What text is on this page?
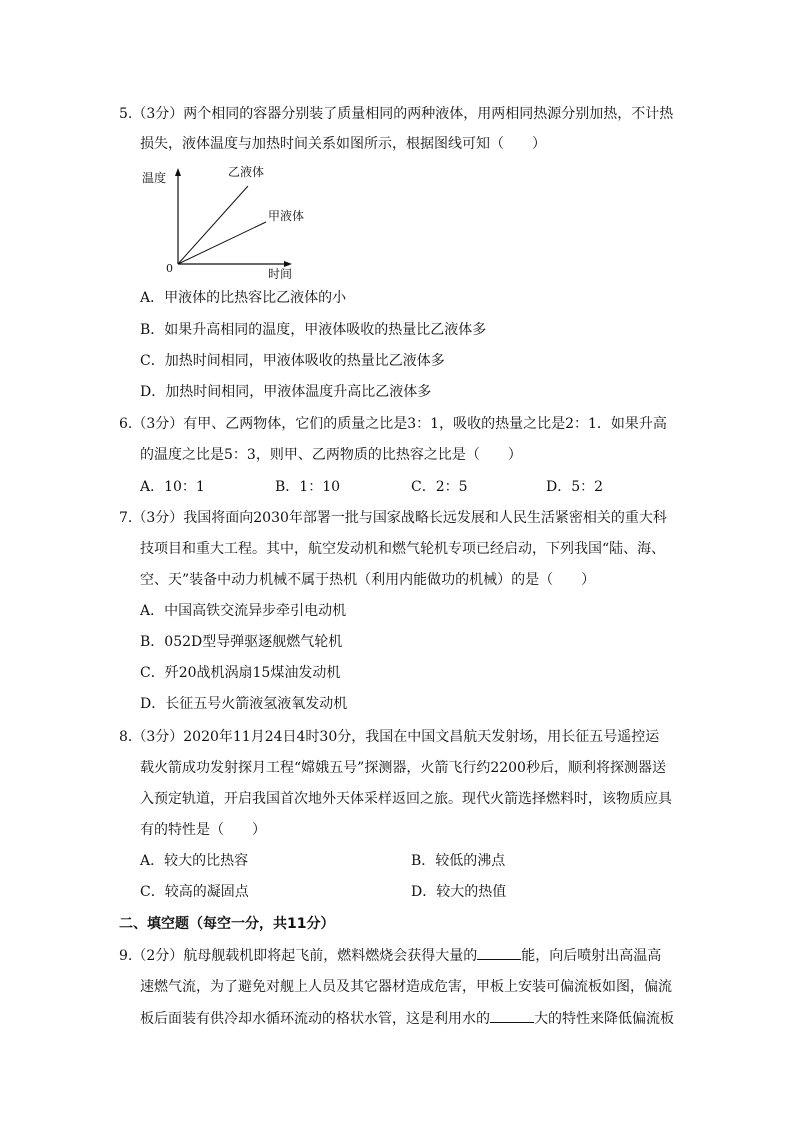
5.（3分）两个相同的容器分别装了质量相同的两种液体，用两相同热源分别加热，不计热
损失，液体温度与加热时间关系如图所示，根据图线可知（　　）
温度
时间
0
乙液体
甲液体
A．甲液体的比热容比乙液体的小
B．如果升高相同的温度，甲液体吸收的热量比乙液体多
C．加热时间相同，甲液体吸收的热量比乙液体多
D．加热时间相同，甲液体温度升高比乙液体多
6.（3分）有甲、乙两物体，它们的质量之比是3：1，吸收的热量之比是2：1．如果升高
的温度之比是5：3，则甲、乙两物质的比热容之比是（　　）
A．10：1	B．1：10	C．2：5	D．5：2
7.（3分）我国将面向2030年部署一批与国家战略长远发展和人民生活紧密相关的重大科
技项目和重大工程。其中，航空发动机和燃气轮机专项已经启动，下列我国“陆、海、
空、天”装备中动力机械不属于热机（利用内能做功的机械）的是（　　）
A．中国高铁交流异步牵引电动机
B．052D型导弹驱逐舰燃气轮机
C．歼20战机涡扇15煤油发动机
D．长征五号火箭液氢液氧发动机
8.（3分）2020年11月24日4时30分，我国在中国文昌航天发射场，用长征五号遥控运
载火箭成功发射探月工程“嫦娥五号”探测器，火箭飞行约2200秒后，顺利将探测器送
入预定轨道，开启我国首次地外天体采样返回之旅。现代火箭选择燃料时，该物质应具
有的特性是（　　）
A．较大的比热容	B．较低的沸点
C．较高的凝固点	D．较大的热值
二、填空题（每空一分，共11分）
9.（2分）航母舰载机即将起飞前，燃料燃烧会获得大量的	能，向后喷射出高温高
速燃气流，为了避免对舰上人员及其它器材造成危害，甲板上安装可偏流板如图，偏流
板后面装有供冷却水循环流动的格状水管，这是利用水的	大的特性来降低偏流板
